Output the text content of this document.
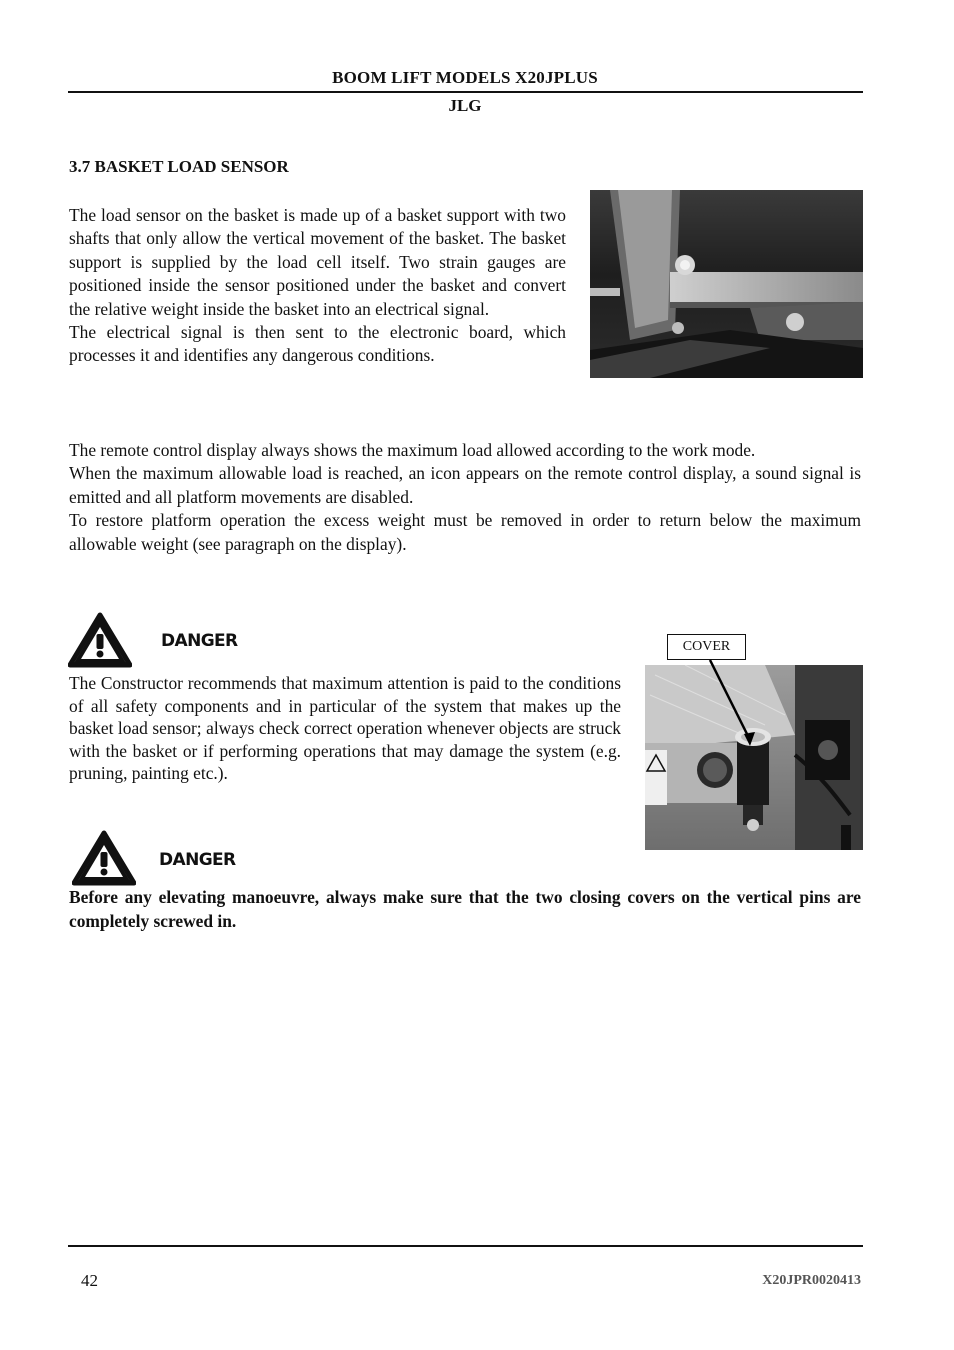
BOOM LIFT MODELS X20JPLUS
JLG
3.7 BASKET LOAD SENSOR
The load sensor on the basket is made up of a basket support with two shafts that only allow the vertical movement of the basket. The basket support is supplied by the load cell itself. Two strain gauges are positioned inside the sensor positioned under the basket and convert the relative weight inside the basket into an electrical signal.
The electrical signal is then sent to the electronic board, which processes it and identifies any dangerous conditions.
The remote control display always shows the maximum load allowed according to the work mode.
When the maximum allowable load is reached, an icon appears on the remote control display, a sound signal is emitted and all platform movements are disabled.
To restore platform operation the excess weight must be removed in order to return below the maximum allowable weight (see paragraph on the display).
DANGER
The Constructor recommends that maximum attention is paid to the conditions of all safety components and in particular of the system that makes up the basket load sensor; always check correct operation whenever objects are struck with the basket or if performing operations that may damage the system (e.g. pruning, painting etc.).
COVER
DANGER
Before any elevating manoeuvre, always make sure that the two closing covers on the vertical pins are completely screwed in.
42	X20JPR0020413
